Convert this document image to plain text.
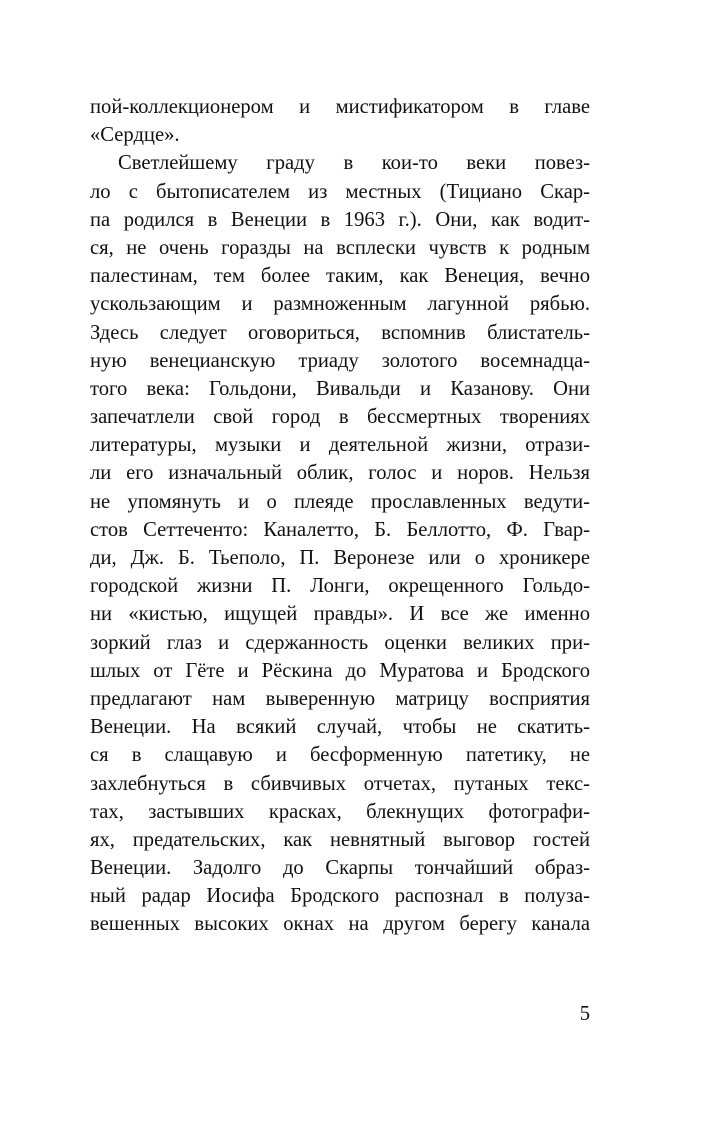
пой-коллекционером и мистификатором в главе
«Сердце».
Светлейшему граду в кои-то веки повез-
ло с бытописателем из местных (Тициано Скар-
па родился в Венеции в 1963 г.). Они, как водит-
ся, не очень горазды на всплески чувств к родным
палестинам, тем более таким, как Венеция, вечно
ускользающим и размноженным лагунной рябью.
Здесь следует оговориться, вспомнив блистатель-
ную венецианскую триаду золотого восемнадца-
того века: Гольдони, Вивальди и Казанову. Они
запечатлели свой город в бессмертных творениях
литературы, музыки и деятельной жизни, отрази-
ли его изначальный облик, голос и норов. Нельзя
не упомянуть и о плеяде прославленных ведути-
стов Сеттеченто: Каналетто, Б. Беллотто, Ф. Гвар-
ди, Дж. Б. Тьеполо, П. Веронезе или о хроникере
городской жизни П. Лонги, окрещенного Гольдо-
ни «кистью, ищущей правды». И все же именно
зоркий глаз и сдержанность оценки великих при-
шлых от Гёте и Рёскина до Муратова и Бродского
предлагают нам выверенную матрицу восприятия
Венеции. На всякий случай, чтобы не скатить-
ся в слащавую и бесформенную патетику, не
захлебнуться в сбивчивых отчетах, путаных текс-
тах, застывших красках, блекнущих фотографи-
ях, предательских, как невнятный выговор гостей
Венеции. Задолго до Скарпы тончайший образ-
ный радар Иосифа Бродского распознал в полуза-
вешенных высоких окнах на другом берегу канала
5
